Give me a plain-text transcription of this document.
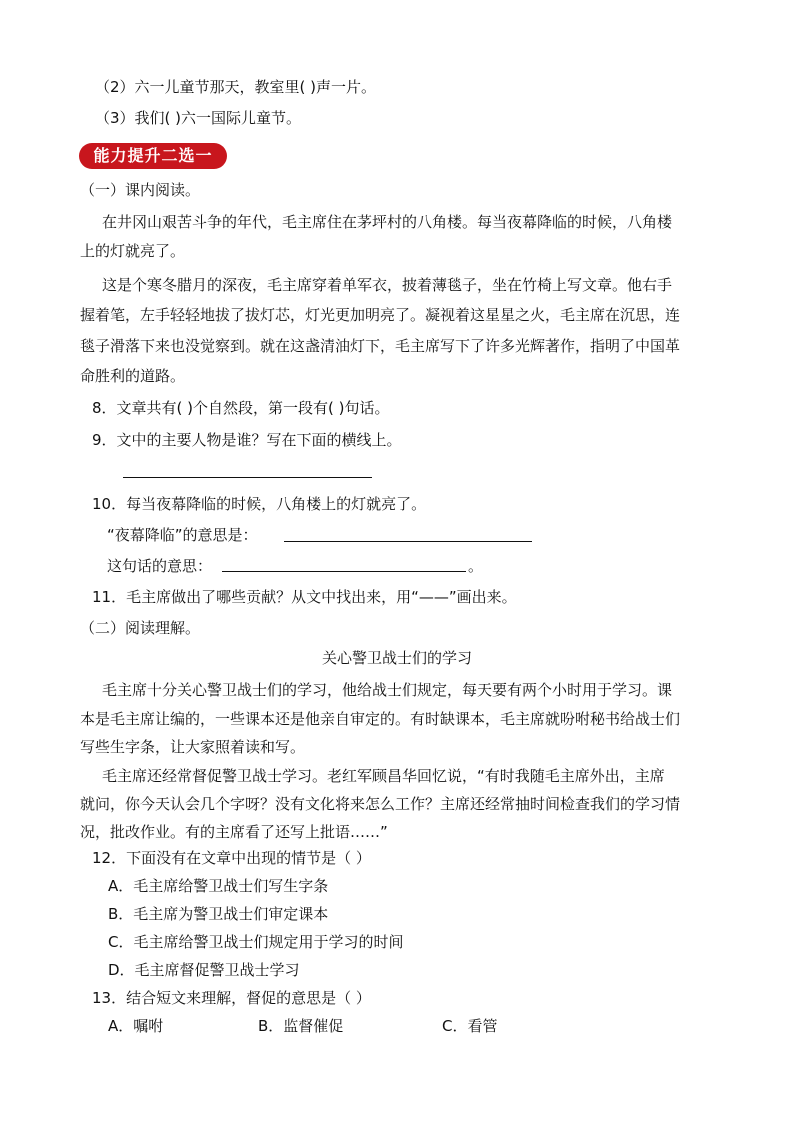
（2）六一儿童节那天，教室里( )声一片。
（3）我们( )六一国际儿童节。
能力提升二选一
（一）课内阅读。
在井冈山艰苦斗争的年代，毛主席住在茅坪村的八角楼。每当夜幕降临的时候，八角楼
上的灯就亮了。
这是个寒冬腊月的深夜，毛主席穿着单军衣，披着薄毯子，坐在竹椅上写文章。他右手
握着笔，左手轻轻地拔了拔灯芯，灯光更加明亮了。凝视着这星星之火，毛主席在沉思，连
毯子滑落下来也没觉察到。就在这盏清油灯下，毛主席写下了许多光辉著作，指明了中国革
命胜利的道路。
8．文章共有( )个自然段，第一段有( )句话。
9．文中的主要人物是谁？写在下面的横线上。
10．每当夜幕降临的时候，八角楼上的灯就亮了。
“夜幕降临”的意思是：
这句话的意思：	。
11．毛主席做出了哪些贡献？从文中找出来，用“——”画出来。
（二）阅读理解。
关心警卫战士们的学习
毛主席十分关心警卫战士们的学习，他给战士们规定，每天要有两个小时用于学习。课
本是毛主席让编的，一些课本还是他亲自审定的。有时缺课本，毛主席就吩咐秘书给战士们
写些生字条，让大家照着读和写。
毛主席还经常督促警卫战士学习。老红军顾昌华回忆说，“有时我随毛主席外出，主席
就问，你今天认会几个字呀？没有文化将来怎么工作？主席还经常抽时间检查我们的学习情
况，批改作业。有的主席看了还写上批语……”
12．下面没有在文章中出现的情节是（ ）
A．毛主席给警卫战士们写生字条
B．毛主席为警卫战士们审定课本
C．毛主席给警卫战士们规定用于学习的时间
D．毛主席督促警卫战士学习
13．结合短文来理解，督促的意思是（ ）
A．嘱咐	B．监督催促	C．看管
